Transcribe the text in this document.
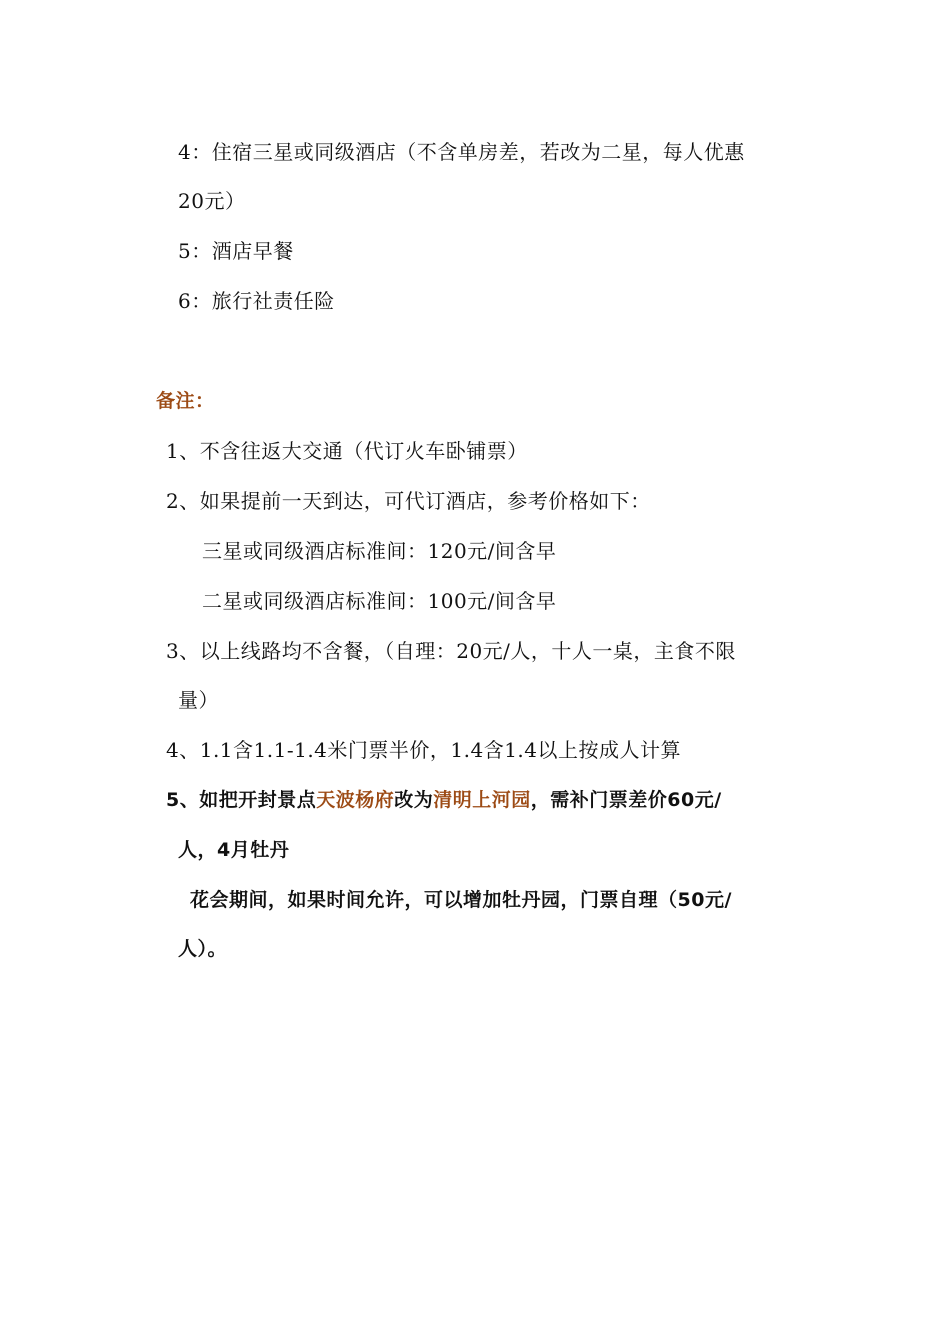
4：住宿三星或同级酒店（不含单房差，若改为二星，每人优惠
20元）
5：酒店早餐
6：旅行社责任险
备注：
1、不含往返大交通（代订火车卧铺票）
2、如果提前一天到达，可代订酒店，参考价格如下：
三星或同级酒店标准间：120元/间含早
二星或同级酒店标准间：100元/间含早
3、以上线路均不含餐，（自理：20元/人，十人一桌，主食不限
量）
4、1.1含1.1-1.4米门票半价，1.4含1.4以上按成人计算
5、如把开封景点天波杨府改为清明上河园，需补门票差价60元/
人，4月牡丹
花会期间，如果时间允许，可以增加牡丹园，门票自理（50元/
人）。
